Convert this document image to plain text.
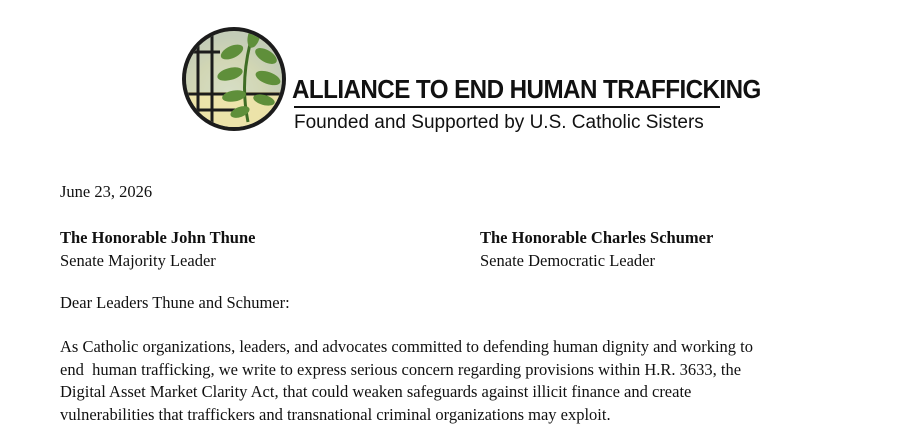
ALLIANCE TO END HUMAN TRAFFICKING
Founded and Supported by U.S. Catholic Sisters
June 23, 2026
The Honorable John Thune
Senate Majority Leader
The Honorable Charles Schumer
Senate Democratic Leader
Dear Leaders Thune and Schumer:
As Catholic organizations, leaders, and advocates committed to defending human dignity and working to
end  human trafficking, we write to express serious concern regarding provisions within H.R. 3633, the
Digital Asset Market Clarity Act, that could weaken safeguards against illicit finance and create
vulnerabilities that traffickers and transnational criminal organizations may exploit.
